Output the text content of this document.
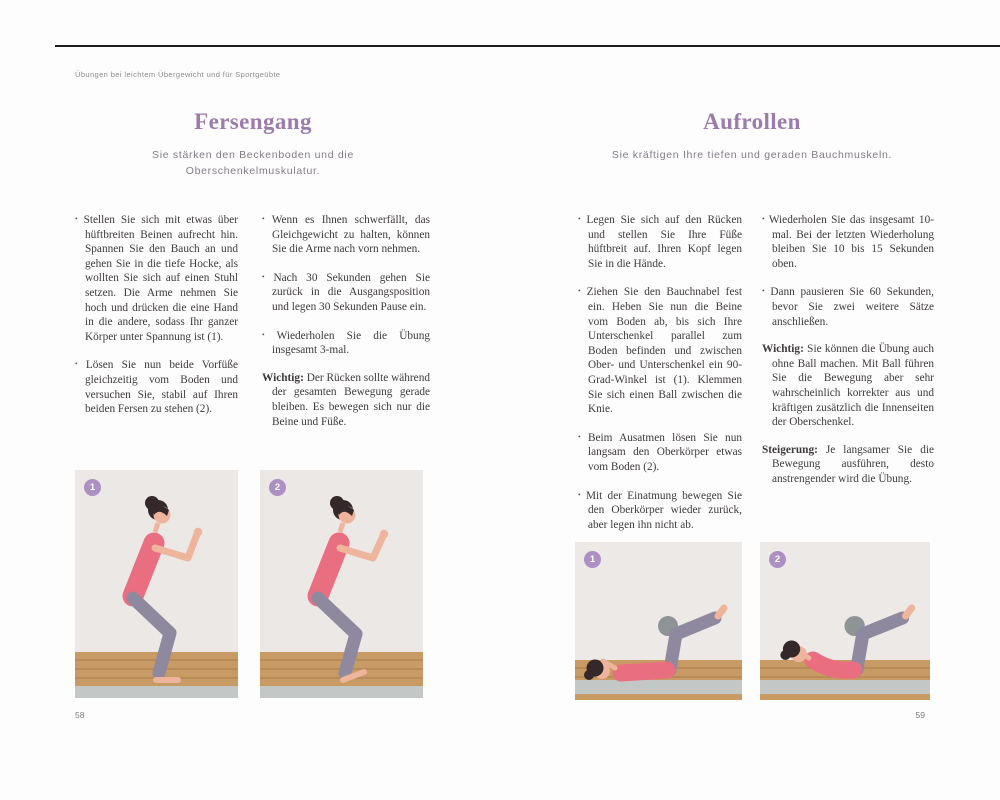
Übungen bei leichtem Übergewicht und für Sportgeübte
Fersengang
Sie stärken den Beckenboden und die Oberschenkelmuskulatur.

• Stellen Sie sich mit etwas über hüftbreiten Beinen aufrecht hin. Spannen Sie den Bauch an und gehen Sie in die tiefe Hocke, als wollten Sie sich auf einen Stuhl setzen. Die Arme nehmen Sie hoch und drücken die eine Hand in die andere, sodass Ihr ganzer Körper unter Spannung ist (1).

• Lösen Sie nun beide Vorfüße gleichzeitig vom Boden und versuchen Sie, stabil auf Ihren beiden Fersen zu stehen (2).

• Wenn es Ihnen schwerfällt, das Gleichgewicht zu halten, können Sie die Arme nach vorn nehmen.

• Nach 30 Sekunden gehen Sie zurück in die Ausgangsposition und legen 30 Sekunden Pause ein.

• Wiederholen Sie die Übung insgesamt 3-mal.

Wichtig: Der Rücken sollte während der gesamten Bewegung gerade bleiben. Es bewegen sich nur die Beine und Füße.

1	2
58
Aufrollen
Sie kräftigen Ihre tiefen und geraden Bauchmuskeln.

• Legen Sie sich auf den Rücken und stellen Sie Ihre Füße hüftbreit auf. Ihren Kopf legen Sie in die Hände.

• Ziehen Sie den Bauchnabel fest ein. Heben Sie nun die Beine vom Boden ab, bis sich Ihre Unterschenkel parallel zum Boden befinden und zwischen Ober- und Unterschenkel ein 90-Grad-Winkel ist (1). Klemmen Sie sich einen Ball zwischen die Knie.

• Beim Ausatmen lösen Sie nun langsam den Oberkörper etwas vom Boden (2).

• Mit der Einatmung bewegen Sie den Oberkörper wieder zurück, aber legen ihn nicht ab.

• Wiederholen Sie das insgesamt 10-mal. Bei der letzten Wiederholung bleiben Sie 10 bis 15 Sekunden oben.

• Dann pausieren Sie 60 Sekunden, bevor Sie zwei weitere Sätze anschließen.

Wichtig: Sie können die Übung auch ohne Ball machen. Mit Ball führen Sie die Bewegung aber sehr wahrscheinlich korrekter aus und kräftigen zusätzlich die Innenseiten der Oberschenkel.

Steigerung: Je langsamer Sie die Bewegung ausführen, desto anstrengender wird die Übung.

1	2
59
